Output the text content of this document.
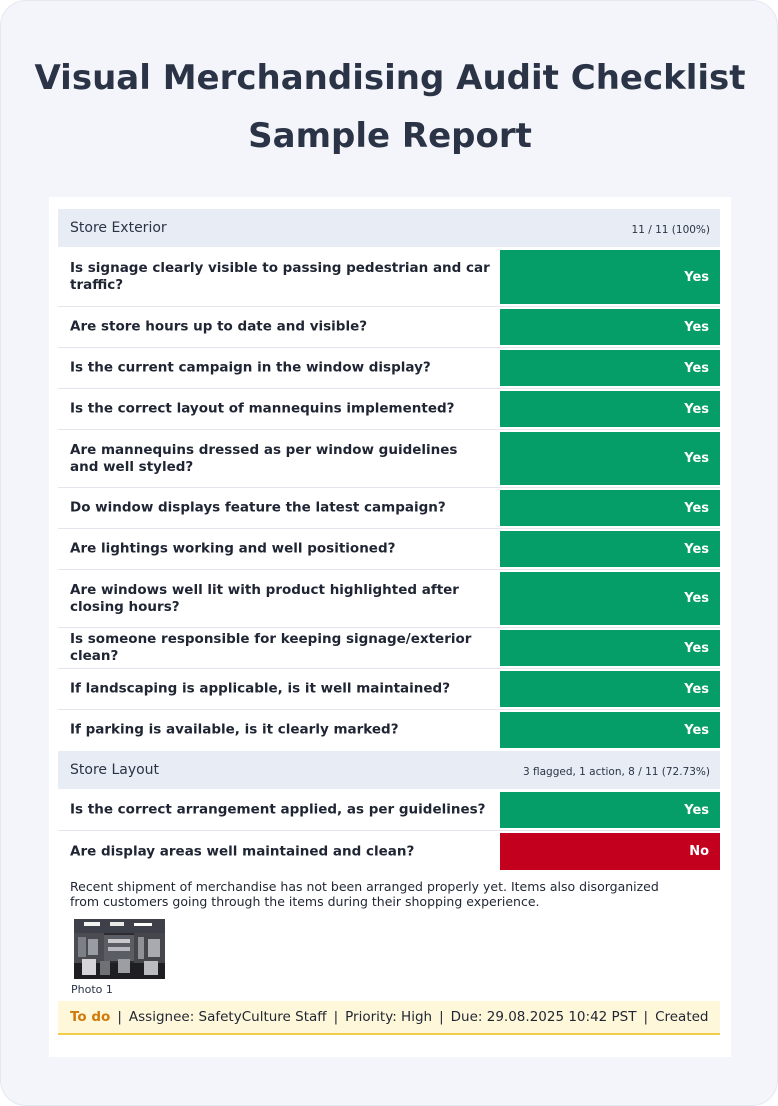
Visual Merchandising Audit Checklist
Sample Report
Store Exterior	11 / 11 (100%)
Is signage clearly visible to passing pedestrian and car traffic?	Yes
Are store hours up to date and visible?	Yes
Is the current campaign in the window display?	Yes
Is the correct layout of mannequins implemented?	Yes
Are mannequins dressed as per window guidelines and well styled?	Yes
Do window displays feature the latest campaign?	Yes
Are lightings working and well positioned?	Yes
Are windows well lit with product highlighted after closing hours?	Yes
Is someone responsible for keeping signage/exterior clean?	Yes
If landscaping is applicable, is it well maintained?	Yes
If parking is available, is it clearly marked?	Yes
Store Layout	3 flagged, 1 action, 8 / 11 (72.73%)
Is the correct arrangement applied, as per guidelines?	Yes
Are display areas well maintained and clean?	No
Recent shipment of merchandise has not been arranged properly yet. Items also disorganized from customers going through the items during their shopping experience.
Photo 1
To do | Assignee: SafetyCulture Staff | Priority: High | Due: 29.08.2025 10:42 PST | Created
